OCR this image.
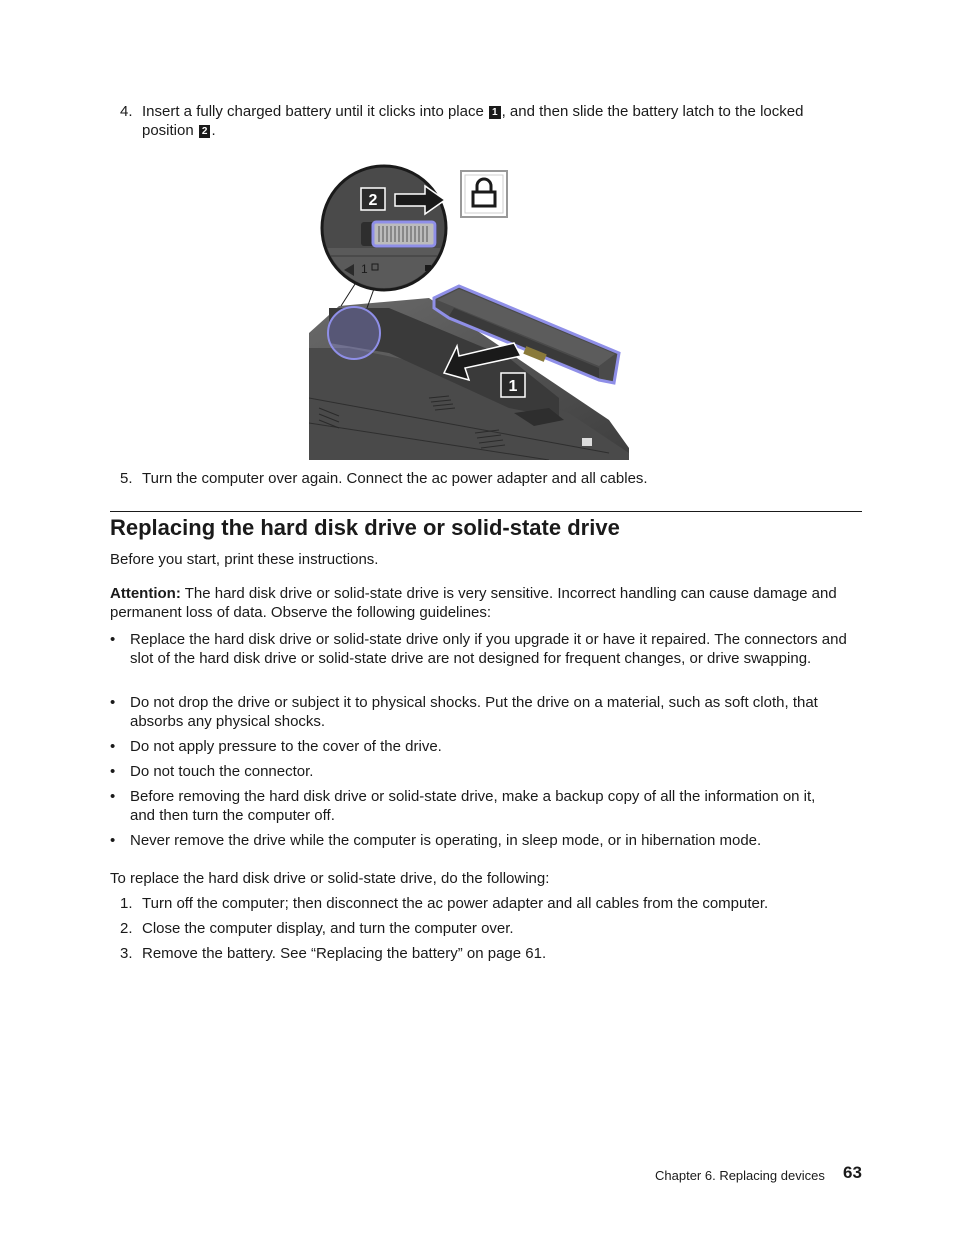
4. Insert a fully charged battery until it clicks into place 1 , and then slide the battery latch to the locked
position 2 .
1
2
1
5. Turn the computer over again. Connect the ac power adapter and all cables.
Replacing the hard disk drive or solid-state drive
Before you start, print these instructions.
Attention: The hard disk drive or solid-state drive is very sensitive. Incorrect handling can cause damage and permanent loss of data. Observe the following guidelines:
• Replace the hard disk drive or solid-state drive only if you upgrade it or have it repaired. The connectors and slot of the hard disk drive or solid-state drive are not designed for frequent changes, or drive swapping.
• Do not drop the drive or subject it to physical shocks. Put the drive on a material, such as soft cloth, that absorbs any physical shocks.
• Do not apply pressure to the cover of the drive.
• Do not touch the connector.
• Before removing the hard disk drive or solid-state drive, make a backup copy of all the information on it, and then turn the computer off.
• Never remove the drive while the computer is operating, in sleep mode, or in hibernation mode.
To replace the hard disk drive or solid-state drive, do the following:
1. Turn off the computer; then disconnect the ac power adapter and all cables from the computer.
2. Close the computer display, and turn the computer over.
3. Remove the battery. See “Replacing the battery” on page 61.
Chapter 6. Replacing devices 63
